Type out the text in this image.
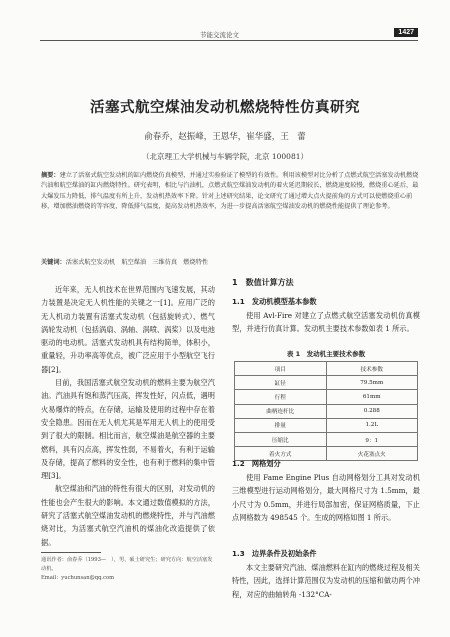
节能交流论文	1427
活塞式航空煤油发动机燃烧特性仿真研究
俞春乔，赵振峰，王恩华，崔华盛，王　蕾
（北京理工大学机械与车辆学院，北京 100081）
摘要：建立了活塞式航空发动机的缸内燃烧仿真模型，并通过实验验证了模型的有效性。利用该模型对比分析了点燃式航空活塞发动机燃烧汽油和航空煤油的缸内燃烧特性。研究表明，相比与汽油机，点燃式航空煤油发动机的着火延迟期较长，燃烧速度较慢，燃烧重心延后，最大爆发压力降低，排气温度有所上升，发动机热效率下降。针对上述研究结果，论文研究了通过增大点火提前角的方式可以使燃烧重心前移，增加燃油燃烧的等容度，降低排气温度，提高发动机热效率，为进一步提高活塞航空煤油发动机的燃烧性能提供了理论参考。
关键词：活塞式航空发动机　航空煤油　三维仿真　燃烧特性

近年来，无人机技术在世界范围内飞速发展，其动力装置是决定无人机性能的关键之一[1]。应用广泛的无人机动力装置有活塞式发动机（包括旋转式）、燃气涡轮发动机（包括涡扇、涡轴、涡喷、涡桨）以及电池驱动的电动机。活塞式发动机具有结构简单，体积小，重量轻，升功率高等优点，被广泛应用于小型航空飞行器[2]。

目前，我国活塞式航空发动机的燃料主要为航空汽油。汽油具有饱和蒸汽压高，挥发性好，闪点低，遇明火易爆炸的特点，在存储，运输及使用的过程中存在着安全隐患。因而在无人机尤其是军用无人机上的使用受到了很大的限制。相比而言，航空煤油是航空器的主要燃料，具有闪点高，挥发性弱，不易着火，有利于运输及存储，提高了燃料的安全性，也有利于燃料的集中管理[3]。

航空煤油和汽油的特性有很大的区别，对发动机的性能也会产生很大的影响。本文通过数值模拟的方法，研究了活塞式航空煤油发动机的燃烧特性，并与汽油燃烧对比，为活塞式航空汽油机的煤油化改造提供了依据。

通讯作者：俞春乔（1993—　），男，硕士研究生；研究方向：航空活塞发动机。
Email：yuchunsan@qq.com
1　数值计算方法
1.1　发动机模型基本参数

使用 Avl-Fire 对建立了点燃式航空活塞发动机仿真模型，并进行仿真计算。发动机主要技术参数如表 1 所示。

表 1　发动机主要技术参数
项目	技术参数
缸径	79.5mm
行程	61mm
曲柄连杆比	0.288
排量	1.2L
压缩比	9：1
着火方式	火花塞点火
1.2　网格划分

使用 Fame Engine Plus 自动网格划分工具对发动机三维模型进行运动网格划分，最大网格尺寸为 1.5mm，最小尺寸为 0.5mm，并进行局部加密，保证网格质量，下止点网格数为 498545 个。生成的网格如图 1 所示。

1.3　边界条件及初始条件

本文主要研究汽油、煤油燃料在缸内的燃烧过程及相关特性，因此，选择计算范围仅为发动机的压缩和做功两个冲程，对应的曲轴转角 -132°CA-
